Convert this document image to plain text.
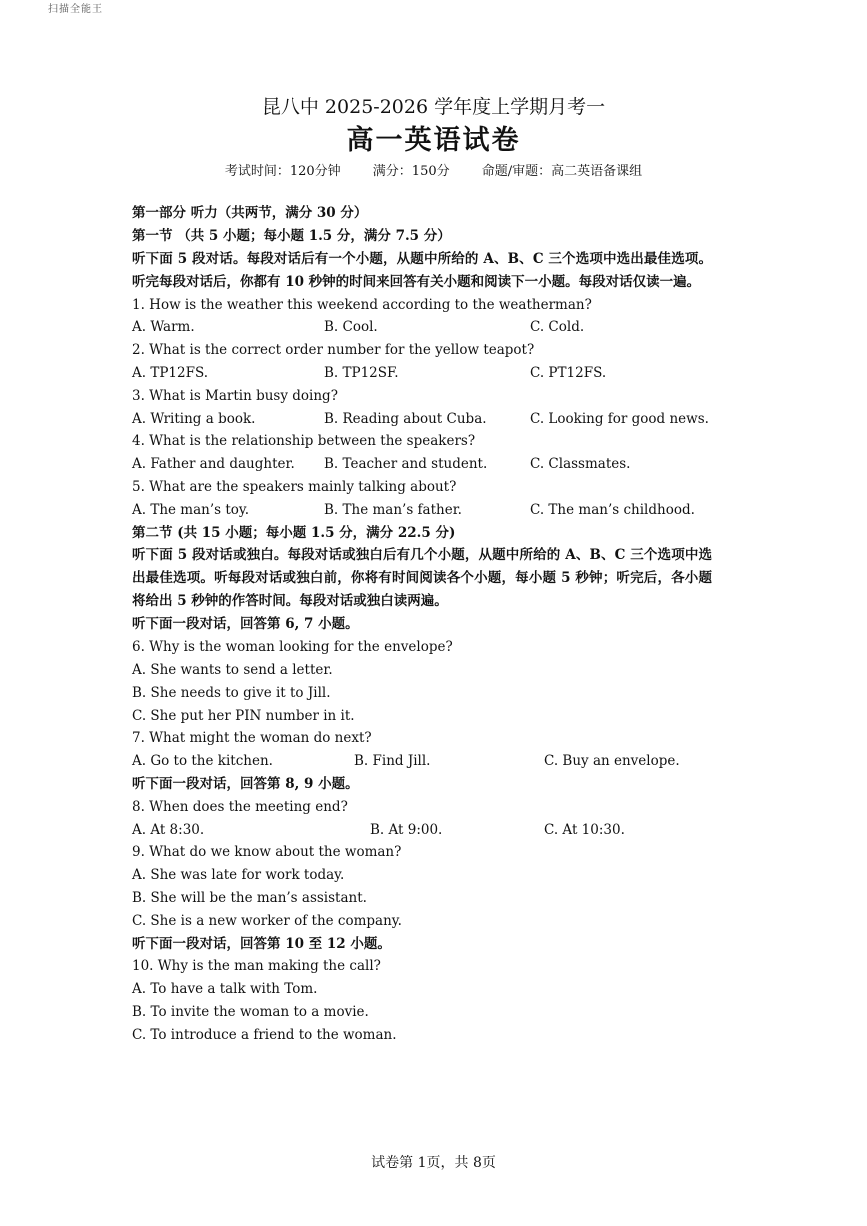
扫描全能王
昆八中 2025-2026 学年度上学期月考一
高一英语试卷
考试时间：120分钟 满分：150分 命题/审题：高二英语备课组
第一部分 听力（共两节，满分 30 分）
第一节 （共 5 小题；每小题 1.5 分，满分 7.5 分）

听下面 5 段对话。每段对话后有一个小题，从题中所给的 A、B、C 三个选项中选出最佳选项。听完每段对话后，你都有 10 秒钟的时间来回答有关小题和阅读下一小题。每段对话仅读一遍。

1. How is the weather this weekend according to the weatherman?
A. Warm.	B. Cool.	C. Cold.
2. What is the correct order number for the yellow teapot?
A. TP12FS.	B. TP12SF.	C. PT12FS.
3. What is Martin busy doing?
A. Writing a book.	B. Reading about Cuba.	C. Looking for good news.
4. What is the relationship between the speakers?
A. Father and daughter. B. Teacher and student.	C. Classmates.
5. What are the speakers mainly talking about?
A. The man’s toy.	B. The man’s father.	C. The man’s childhood.
第二节 (共 15 小题；每小题 1.5 分，满分 22.5 分)

听下面 5 段对话或独白。每段对话或独白后有几个小题，从题中所给的 A、B、C 三个选项中选出最佳选项。听每段对话或独白前，你将有时间阅读各个小题，每小题 5 秒钟；听完后，各小题将给出 5 秒钟的作答时间。每段对话或独白读两遍。

听下面一段对话，回答第 6, 7 小题。
6. Why is the woman looking for the envelope?
A. She wants to send a letter.
B. She needs to give it to Jill.
C. She put her PIN number in it.
7. What might the woman do next?
A. Go to the kitchen.	B. Find Jill.	C. Buy an envelope.
听下面一段对话，回答第 8, 9 小题。
8. When does the meeting end?
A. At 8:30.	B. At 9:00.	C. At 10:30.
9. What do we know about the woman?
A. She was late for work today.
B. She will be the man’s assistant.
C. She is a new worker of the company.
听下面一段对话，回答第 10 至 12 小题。
10. Why is the man making the call?
A. To have a talk with Tom.
B. To invite the woman to a movie.
C. To introduce a friend to the woman.
试卷第 1页，共 8页
